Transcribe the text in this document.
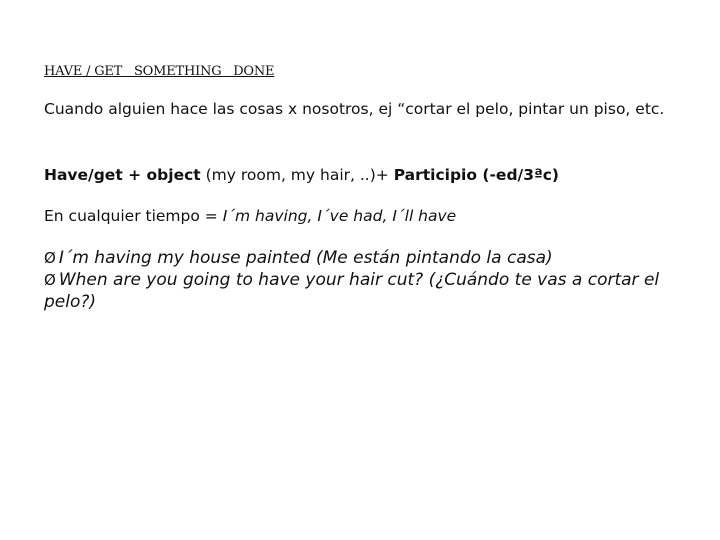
HAVE / GET   SOMETHING   DONE
Cuando alguien hace las cosas x nosotros, ej “cortar el pelo, pintar un piso, etc.
Have/get + object (my room, my hair, ..)+ Participio (-ed/3ªc)
En cualquier tiempo = I´m having, I´ve had, I´ll have
Ø I´m having my house painted (Me están pintando la casa)
Ø When are you going to have your hair cut? (¿Cuándo te vas a cortar el pelo?)
